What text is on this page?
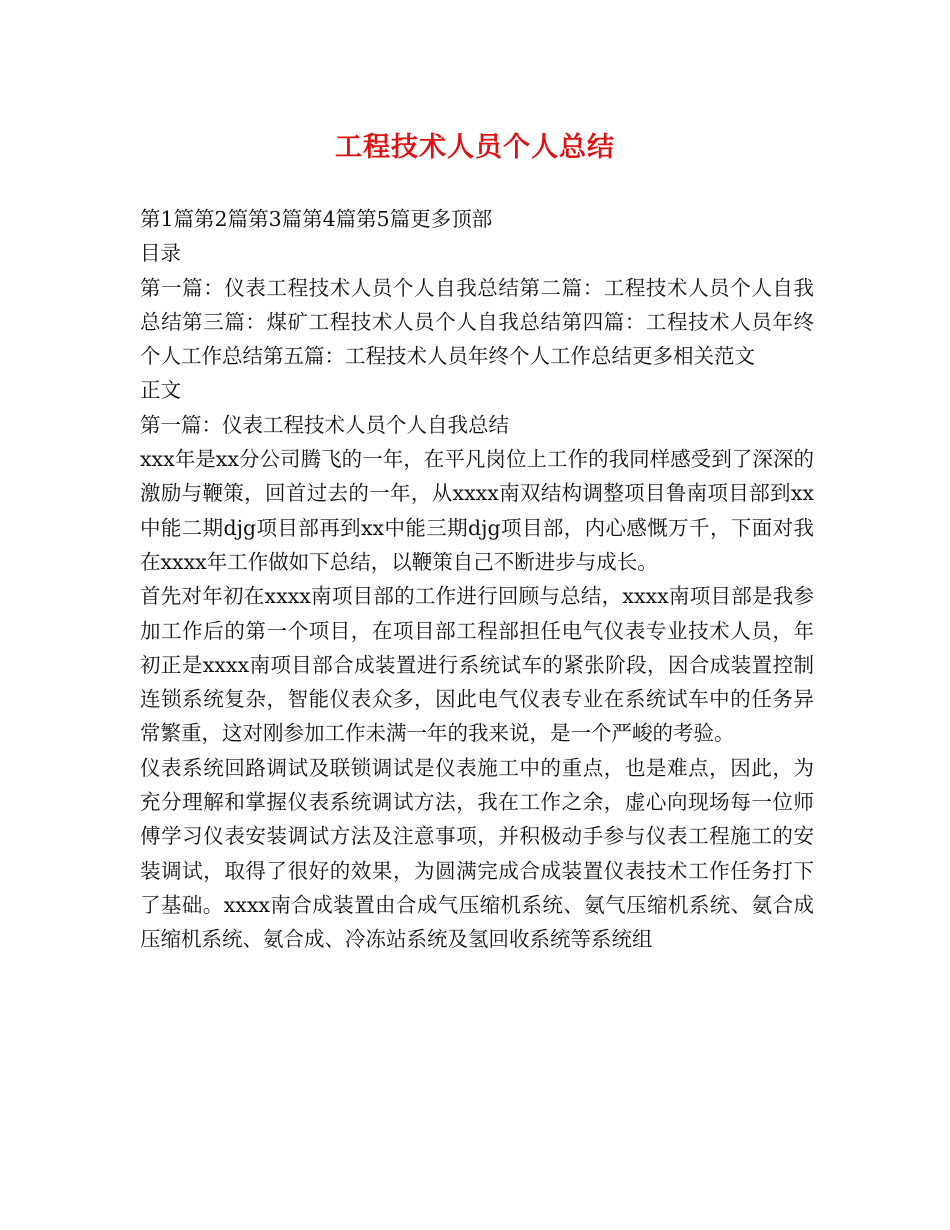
工程技术人员个人总结

第1篇第2篇第3篇第4篇第5篇更多顶部

目录

第一篇：仪表工程技术人员个人自我总结第二篇：工程技术人员个人自我总结第三篇：煤矿工程技术人员个人自我总结第四篇：工程技术人员年终个人工作总结第五篇：工程技术人员年终个人工作总结更多相关范文

正文

第一篇：仪表工程技术人员个人自我总结

xxx年是xx分公司腾飞的一年，在平凡岗位上工作的我同样感受到了深深的激励与鞭策，回首过去的一年，从xxxx南双结构调整项目鲁南项目部到xx中能二期djg项目部再到xx中能三期djg项目部，内心感慨万千，下面对我在xxxx年工作做如下总结，以鞭策自己不断进步与成长。

首先对年初在xxxx南项目部的工作进行回顾与总结，xxxx南项目部是我参加工作后的第一个项目，在项目部工程部担任电气仪表专业技术人员，年初正是xxxx南项目部合成装置进行系统试车的紧张阶段，因合成装置控制连锁系统复杂，智能仪表众多，因此电气仪表专业在系统试车中的任务异常繁重，这对刚参加工作未满一年的我来说，是一个严峻的考验。

仪表系统回路调试及联锁调试是仪表施工中的重点，也是难点，因此，为充分理解和掌握仪表系统调试方法，我在工作之余，虚心向现场每一位师傅学习仪表安装调试方法及注意事项，并积极动手参与仪表工程施工的安装调试，取得了很好的效果，为圆满完成合成装置仪表技术工作任务打下了基础。xxxx南合成装置由合成气压缩机系统、氨气压缩机系统、氨合成压缩机系统、氨合成、冷冻站系统及氢回收系统等系统组
